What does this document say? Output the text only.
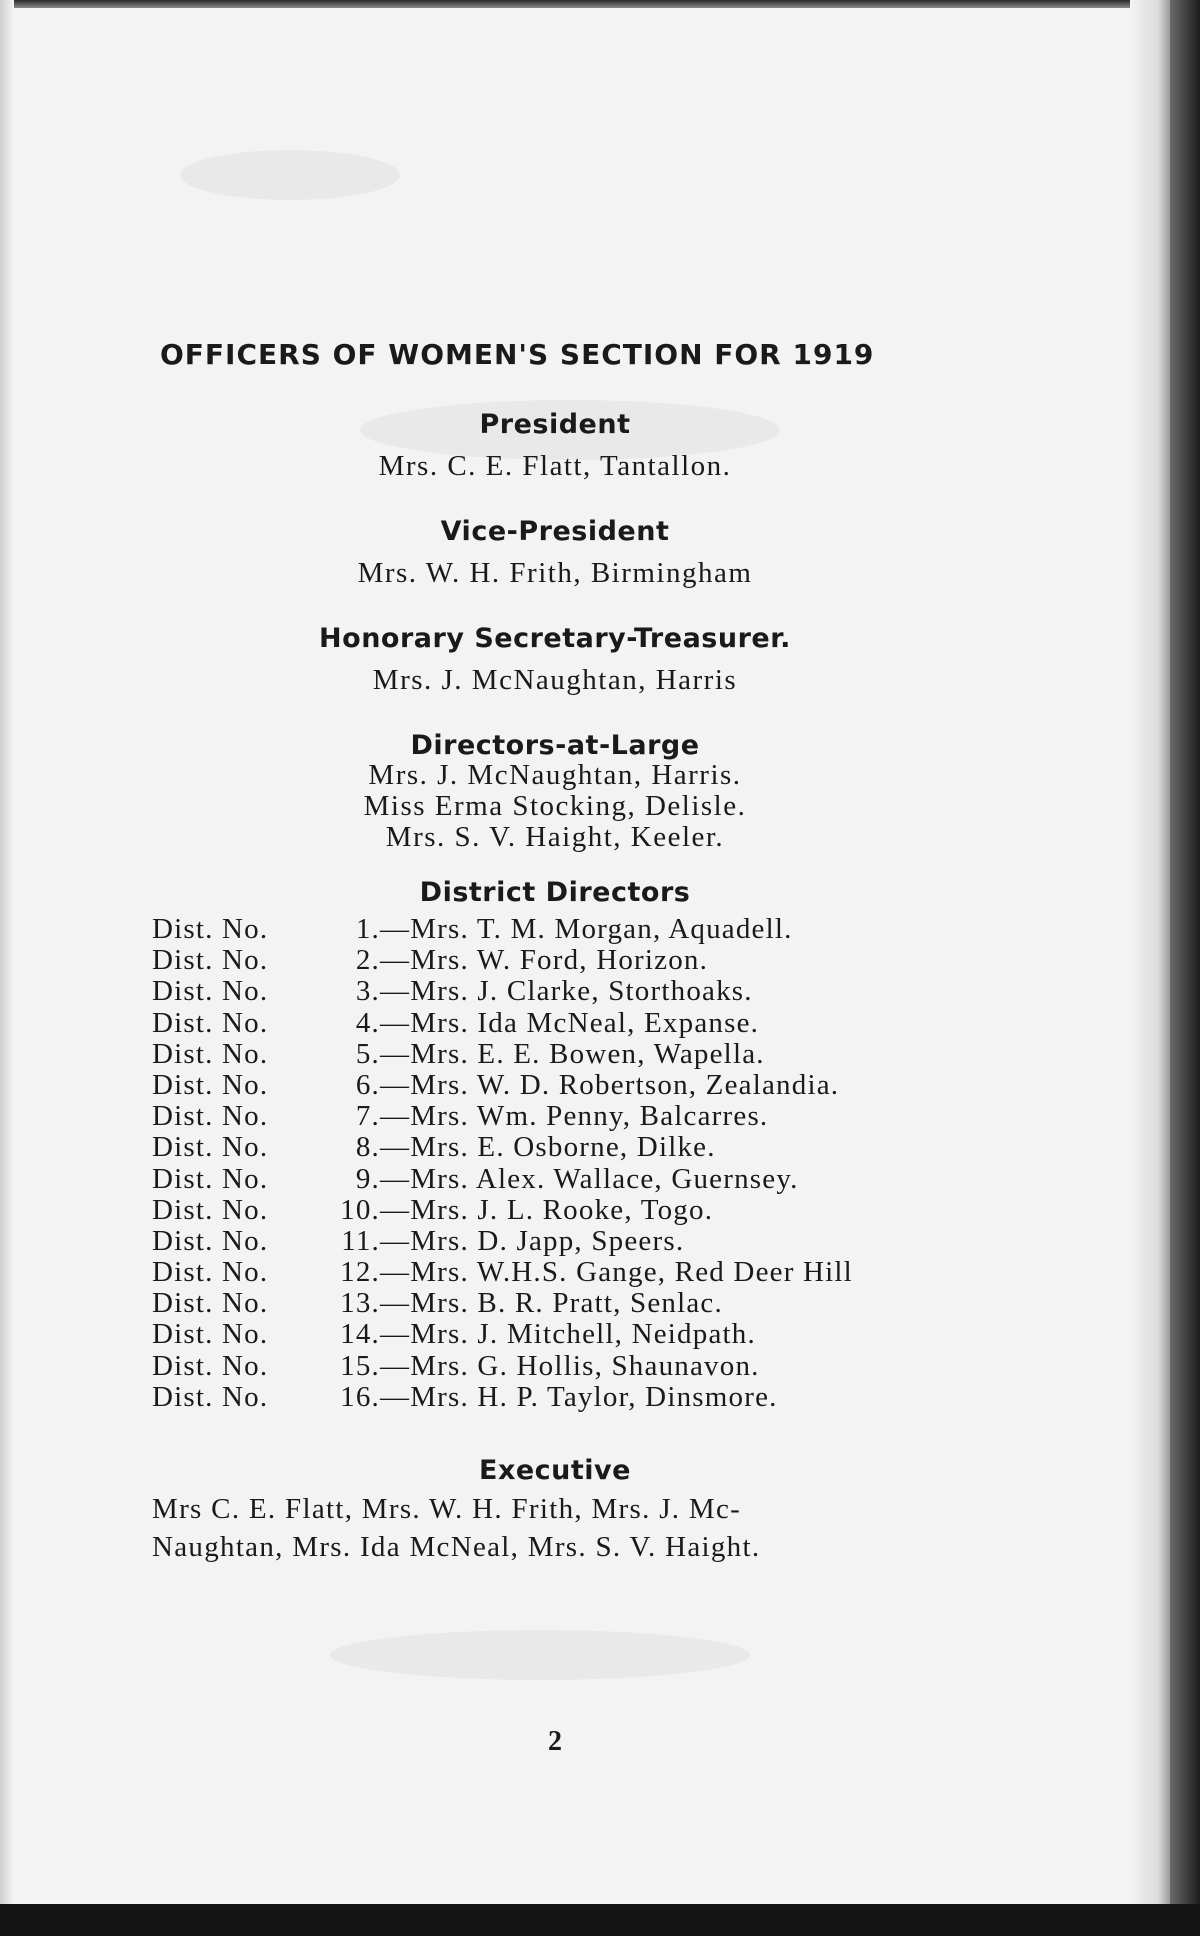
OFFICERS OF WOMEN'S SECTION FOR 1919
President
Mrs. C. E. Flatt, Tantallon.
Vice-President
Mrs. W. H. Frith, Birmingham
Honorary Secretary-Treasurer.
Mrs. J. McNaughtan, Harris
Directors-at-Large
Mrs. J. McNaughtan, Harris.
Miss Erma Stocking, Delisle.
Mrs. S. V. Haight, Keeler.
District Directors
Dist. No.	1.—Mrs. T. M. Morgan, Aquadell.
Dist. No.	2.—Mrs. W. Ford, Horizon.
Dist. No.	3.—Mrs. J. Clarke, Storthoaks.
Dist. No.	4.—Mrs. Ida McNeal, Expanse.
Dist. No.	5.—Mrs. E. E. Bowen, Wapella.
Dist. No.	6.—Mrs. W. D. Robertson, Zealandia.
Dist. No.	7.—Mrs. Wm. Penny, Balcarres.
Dist. No.	8.—Mrs. E. Osborne, Dilke.
Dist. No.	9.—Mrs. Alex. Wallace, Guernsey.
Dist. No. 10.—Mrs. J. L. Rooke, Togo.
Dist. No.	11.—Mrs. D. Japp, Speers.
Dist. No. 12.—Mrs. W.H.S. Gange, Red Deer Hill
Dist. No. 13.—Mrs. B. R. Pratt, Senlac.
Dist. No. 14.—Mrs. J. Mitchell, Neidpath.
Dist. No. 15.—Mrs. G. Hollis, Shaunavon.
Dist. No. 16.—Mrs. H. P. Taylor, Dinsmore.
Executive
Mrs C. E. Flatt, Mrs. W. H. Frith, Mrs. J. Mc-
Naughtan, Mrs. Ida McNeal, Mrs. S. V. Haight.
2
